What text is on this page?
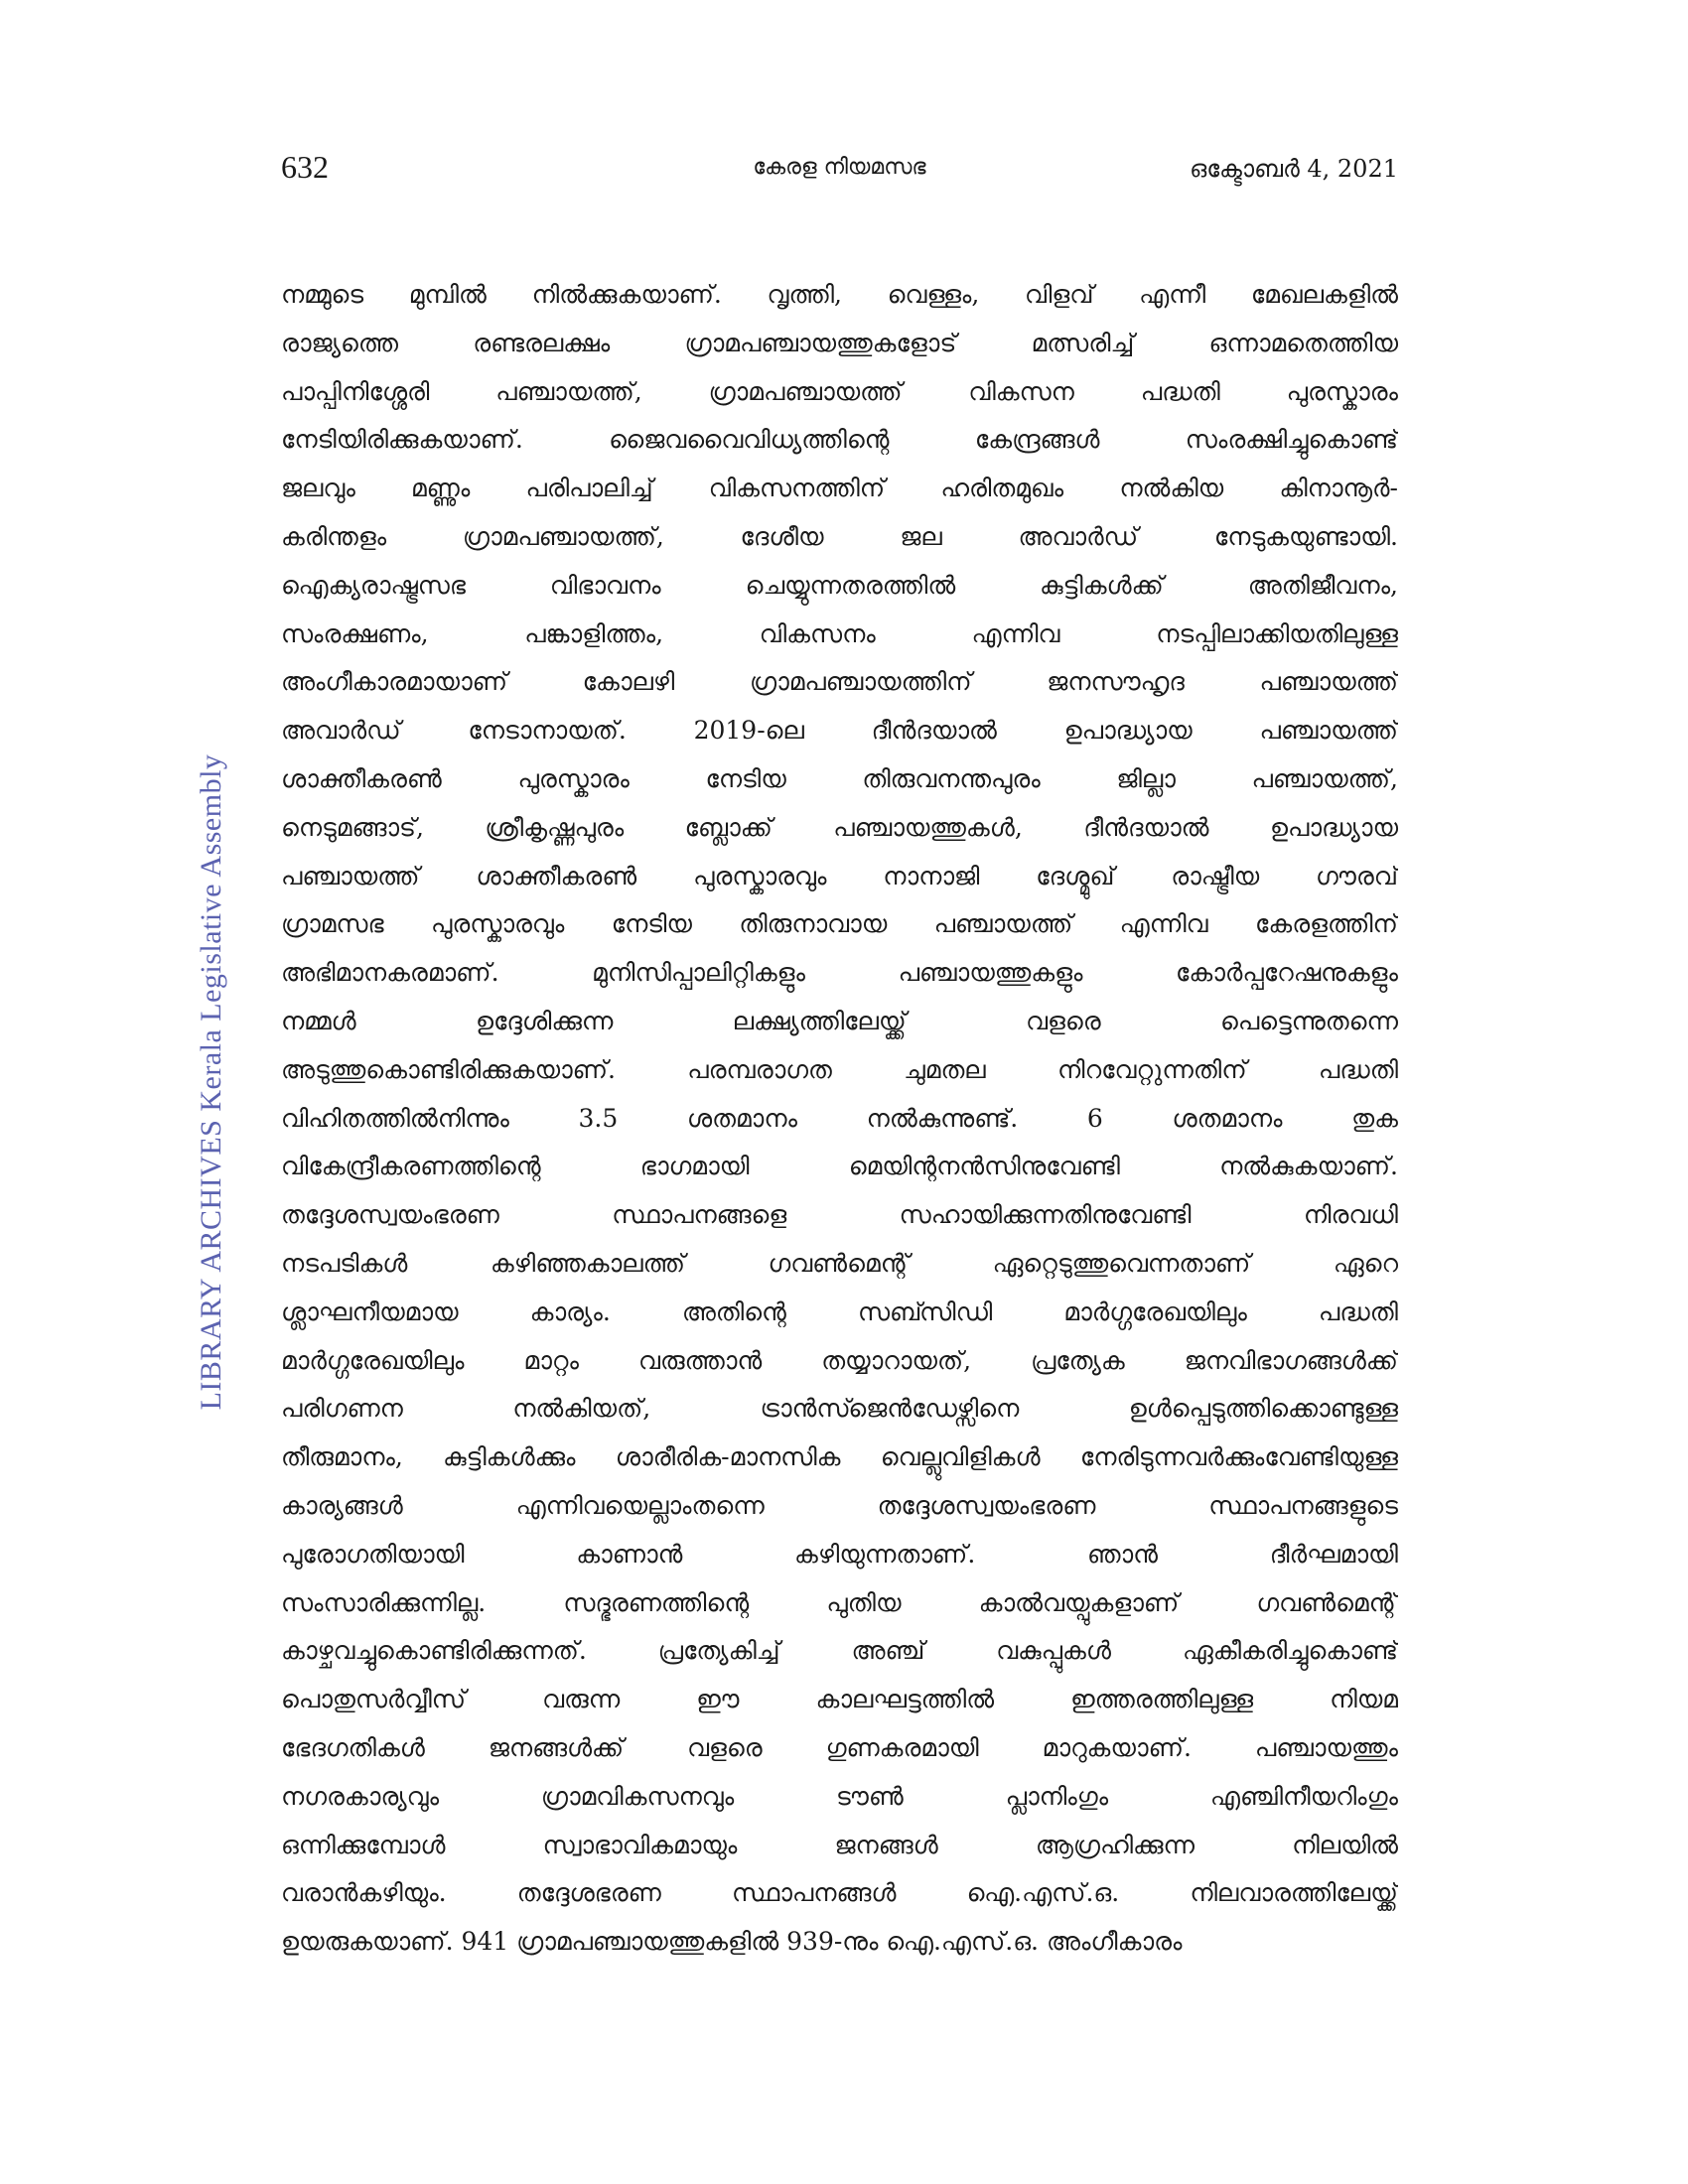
632	കേരള നിയമസഭ	ഒക്ടോബർ 4, 2021
LIBRARY ARCHIVES Kerala Legislative Assembly
നമ്മുടെ മുമ്പിൽ നിൽക്കുകയാണ്. വൃത്തി, വെള്ളം, വിളവ് എന്നീ മേഖലകളിൽ
രാജ്യത്തെ രണ്ടരലക്ഷം ഗ്രാമപഞ്ചായത്തുകളോട് മത്സരിച്ച് ഒന്നാമതെത്തിയ
പാപ്പിനിശ്ശേരി പഞ്ചായത്ത്, ഗ്രാമപഞ്ചായത്ത് വികസന പദ്ധതി പുരസ്കാരം
നേടിയിരിക്കുകയാണ്. ജൈവവൈവിധ്യത്തിന്റെ കേന്ദ്രങ്ങൾ സംരക്ഷിച്ചുകൊണ്ട്
ജലവും മണ്ണും പരിപാലിച്ച് വികസനത്തിന് ഹരിതമുഖം നൽകിയ കിനാനൂർ-
കരിന്തളം ഗ്രാമപഞ്ചായത്ത്, ദേശീയ ജല അവാർഡ് നേടുകയുണ്ടായി.
ഐക്യരാഷ്ട്രസഭ വിഭാവനം ചെയ്യുന്നതരത്തിൽ കുട്ടികൾക്ക് അതിജീവനം,
സംരക്ഷണം, പങ്കാളിത്തം, വികസനം എന്നിവ നടപ്പിലാക്കിയതിലുള്ള
അംഗീകാരമായാണ് കോലഴി ഗ്രാമപഞ്ചായത്തിന് ജനസൗഹൃദ പഞ്ചായത്ത്
അവാർഡ് നേടാനായത്. 2019-ലെ ദീൻദയാൽ ഉപാദ്ധ്യായ പഞ്ചായത്ത്
ശാക്തീകരൺ പുരസ്കാരം നേടിയ തിരുവനന്തപുരം ജില്ലാ പഞ്ചായത്ത്,
നെടുമങ്ങാട്, ശ്രീകൃഷ്ണപുരം ബ്ലോക്ക് പഞ്ചായത്തുകൾ, ദീൻദയാൽ ഉപാദ്ധ്യായ
പഞ്ചായത്ത് ശാക്തീകരൺ പുരസ്കാരവും നാനാജി ദേശ്മുഖ് രാഷ്ട്രീയ ഗൗരവ്
ഗ്രാമസഭ പുരസ്കാരവും നേടിയ തിരുനാവായ പഞ്ചായത്ത് എന്നിവ കേരളത്തിന്
അഭിമാനകരമാണ്. മുനിസിപ്പാലിറ്റികളും പഞ്ചായത്തുകളും കോർപ്പറേഷനുകളും
നമ്മൾ ഉദ്ദേശിക്കുന്ന ലക്ഷ്യത്തിലേയ്ക്ക് വളരെ പെട്ടെന്നുതന്നെ
അടുത്തുകൊണ്ടിരിക്കുകയാണ്. പരമ്പരാഗത ചുമതല നിറവേറ്റുന്നതിന് പദ്ധതി
വിഹിതത്തിൽനിന്നും 3.5 ശതമാനം നൽകുന്നുണ്ട്. 6 ശതമാനം തുക
വികേന്ദ്രീകരണത്തിന്റെ ഭാഗമായി മെയിന്റനൻസിനുവേണ്ടി നൽകുകയാണ്.
തദ്ദേശസ്വയംഭരണ സ്ഥാപനങ്ങളെ സഹായിക്കുന്നതിനുവേണ്ടി നിരവധി
നടപടികൾ കഴിഞ്ഞകാലത്ത് ഗവൺമെന്റ് ഏറ്റെടുത്തുവെന്നതാണ് ഏറെ
ശ്ലാഘനീയമായ കാര്യം. അതിന്റെ സബ്സിഡി മാർഗ്ഗരേഖയിലും പദ്ധതി
മാർഗ്ഗരേഖയിലും മാറ്റം വരുത്താൻ തയ്യാറായത്, പ്രത്യേക ജനവിഭാഗങ്ങൾക്ക്
പരിഗണന നൽകിയത്, ട്രാൻസ്ജെൻഡേഴ്സിനെ ഉൾപ്പെടുത്തിക്കൊണ്ടുള്ള
തീരുമാനം, കുട്ടികൾക്കും ശാരീരിക-മാനസിക വെല്ലുവിളികൾ നേരിടുന്നവർക്കുംവേണ്ടിയുള്ള
കാര്യങ്ങൾ എന്നിവയെല്ലാംതന്നെ തദ്ദേശസ്വയംഭരണ സ്ഥാപനങ്ങളുടെ
പുരോഗതിയായി കാണാൻ കഴിയുന്നതാണ്. ഞാൻ ദീർഘമായി
സംസാരിക്കുന്നില്ല. സദ്ഭരണത്തിന്റെ പുതിയ കാൽവയ്പുകളാണ് ഗവൺമെന്റ്
കാഴ്ചവച്ചുകൊണ്ടിരിക്കുന്നത്. പ്രത്യേകിച്ച് അഞ്ച് വകുപ്പുകൾ ഏകീകരിച്ചുകൊണ്ട്
പൊതുസർവ്വീസ് വരുന്ന ഈ കാലഘട്ടത്തിൽ ഇത്തരത്തിലുള്ള നിയമ
ഭേദഗതികൾ ജനങ്ങൾക്ക് വളരെ ഗുണകരമായി മാറുകയാണ്. പഞ്ചായത്തും
നഗരകാര്യവും ഗ്രാമവികസനവും ടൗൺ പ്ലാനിംഗും എഞ്ചിനീയറിംഗും
ഒന്നിക്കുമ്പോൾ സ്വാഭാവികമായും ജനങ്ങൾ ആഗ്രഹിക്കുന്ന നിലയിൽ
വരാൻകഴിയും. തദ്ദേശഭരണ സ്ഥാപനങ്ങൾ ഐ.എസ്.ഒ. നിലവാരത്തിലേയ്ക്ക്
ഉയരുകയാണ്. 941 ഗ്രാമപഞ്ചായത്തുകളിൽ 939-നും ഐ.എസ്.ഒ. അംഗീകാരം
